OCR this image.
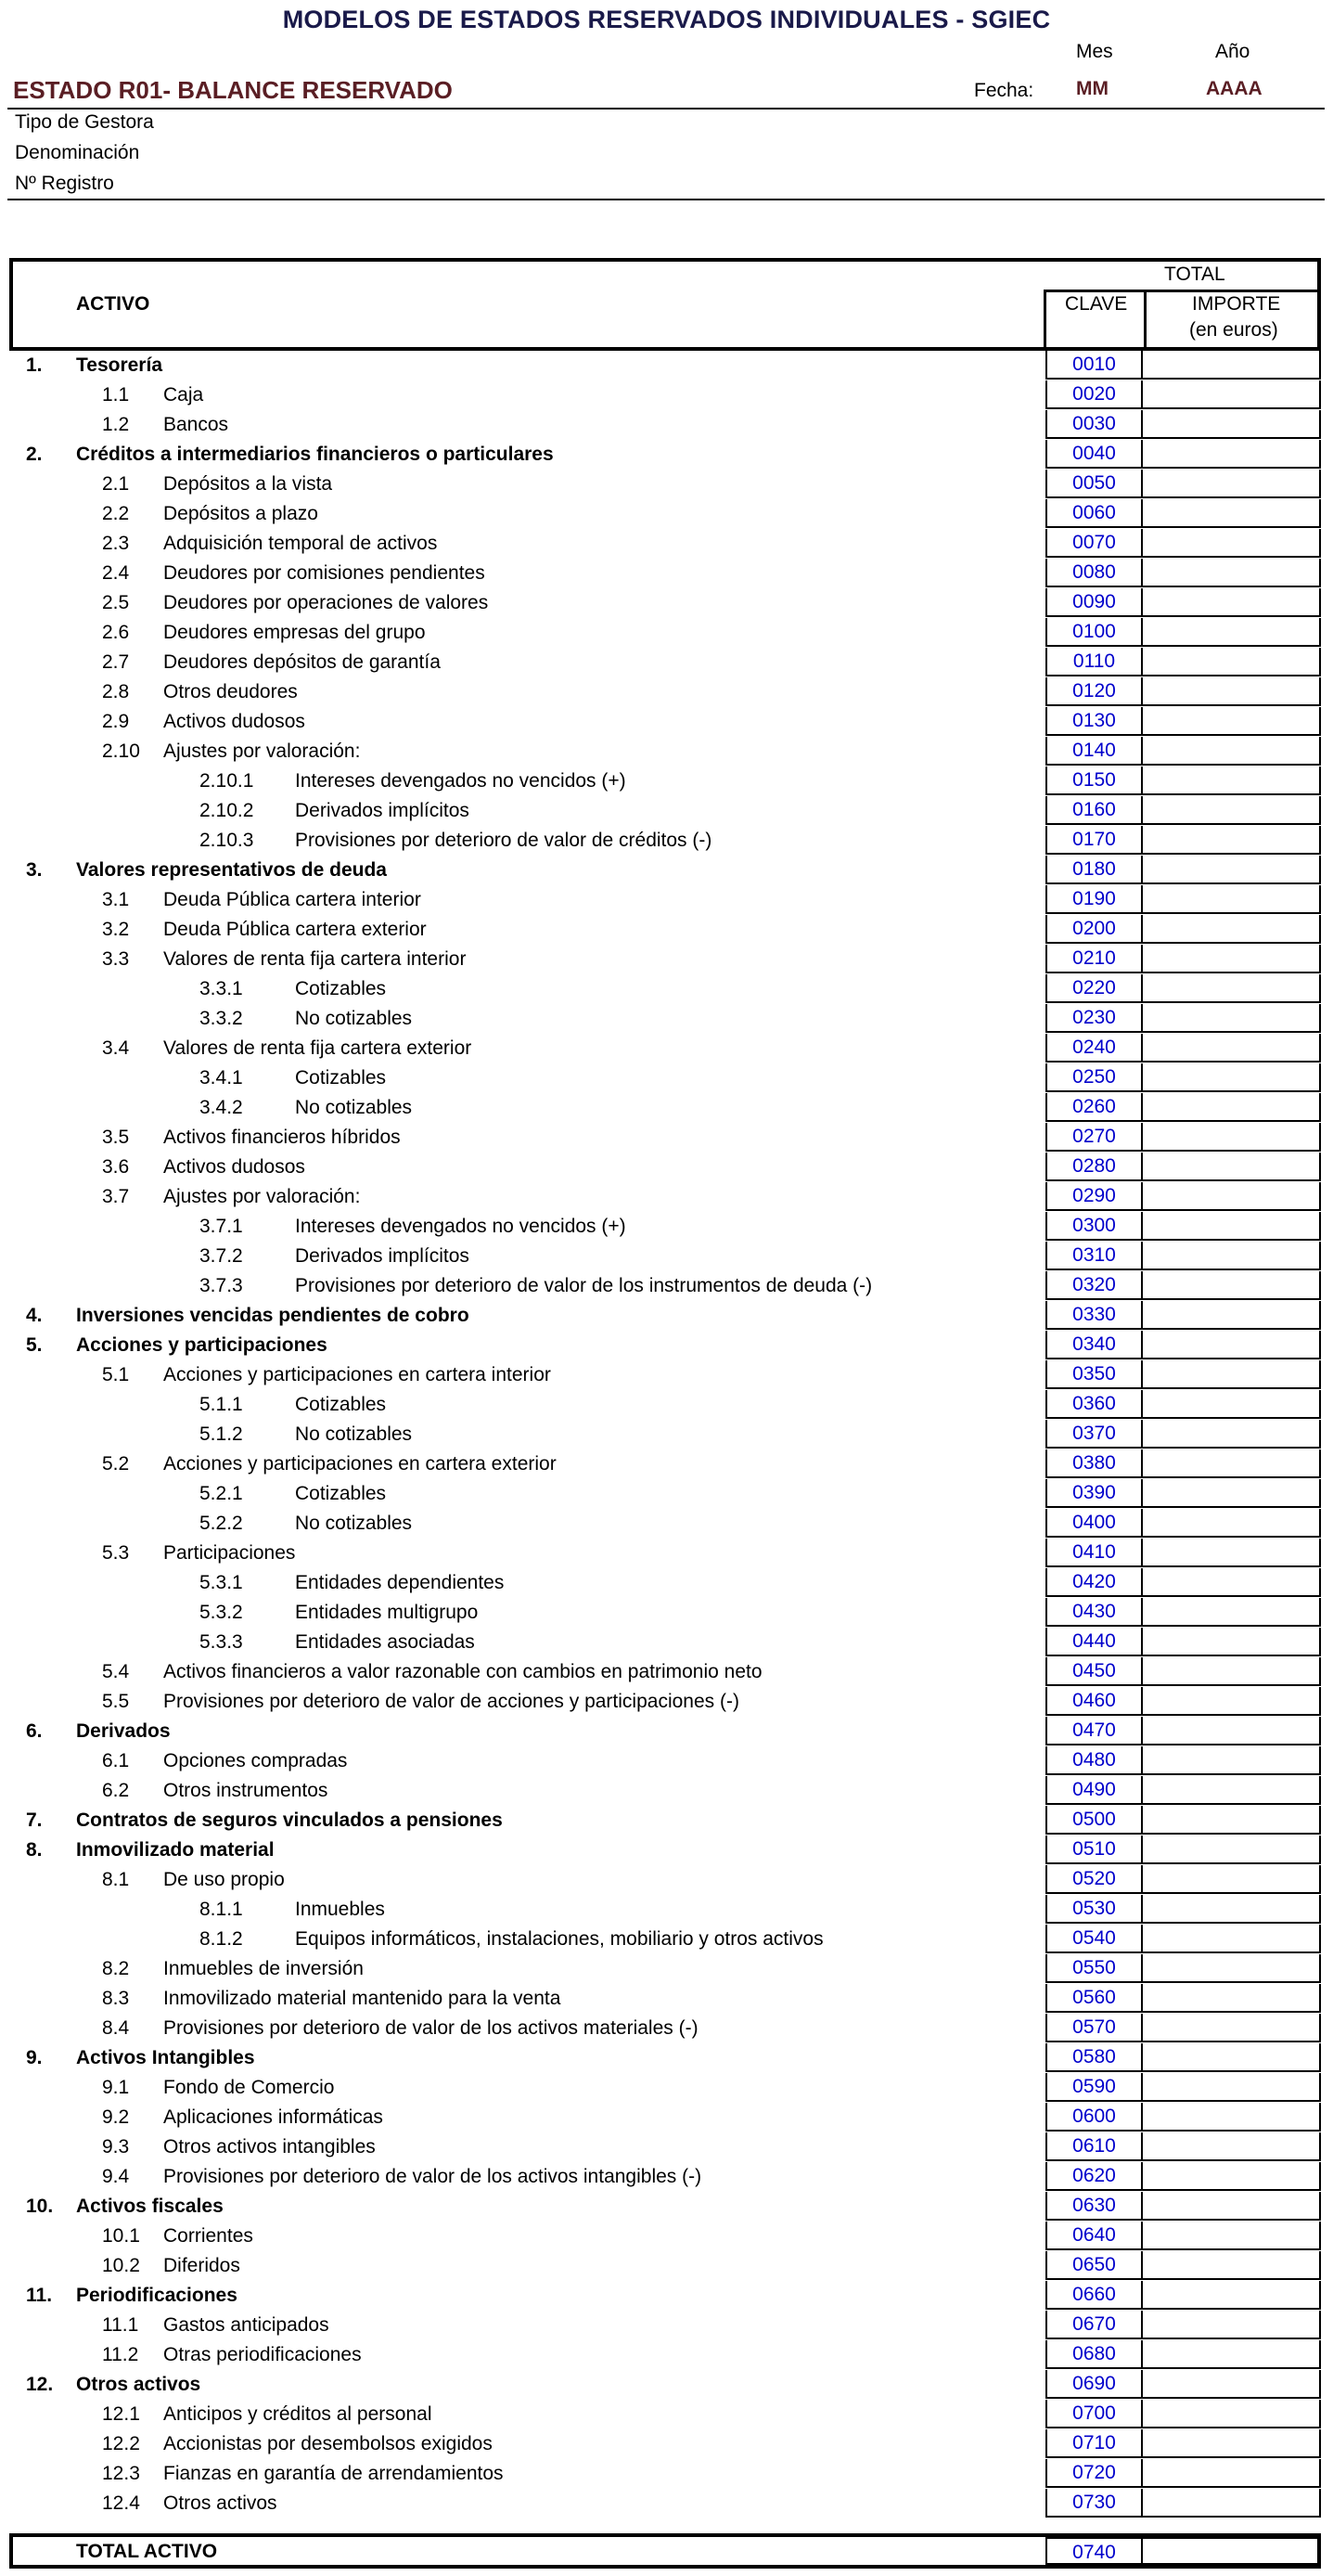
MODELOS DE ESTADOS RESERVADOS INDIVIDUALES - SGIEC
Mes	Año
ESTADO R01- BALANCE RESERVADO	Fecha: MM	AAAA
Tipo de Gestora
Denominación
Nº Registro
TOTAL
ACTIVO	CLAVE	IMPORTE
(en euros)
1. Tesorería	0010
1.1 Caja	0020
1.2 Bancos	0030
2. Créditos a intermediarios financieros o particulares	0040
2.1 Depósitos a la vista	0050
2.2 Depósitos a plazo	0060
2.3 Adquisición temporal de activos	0070
2.4 Deudores por comisiones pendientes	0080
2.5 Deudores por operaciones de valores	0090
2.6 Deudores empresas del grupo	0100
2.7 Deudores depósitos de garantía	0110
2.8 Otros deudores	0120
2.9 Activos dudosos	0130
2.10 Ajustes por valoración:	0140
2.10.1 Intereses devengados no vencidos (+)	0150
2.10.2 Derivados implícitos	0160
2.10.3 Provisiones por deterioro de valor de créditos (-)	0170
3. Valores representativos de deuda	0180
3.1 Deuda Pública cartera interior	0190
3.2 Deuda Pública cartera exterior	0200
3.3 Valores de renta fija cartera interior	0210
3.3.1	Cotizables	0220
3.3.2	No cotizables	0230
3.4 Valores de renta fija cartera exterior	0240
3.4.1	Cotizables	0250
3.4.2	No cotizables	0260
3.5 Activos financieros híbridos	0270
3.6 Activos dudosos	0280
3.7 Ajustes por valoración:	0290
3.7.1	Intereses devengados no vencidos (+)	0300
3.7.2	Derivados implícitos	0310
3.7.3	Provisiones por deterioro de valor de los instrumentos de deuda (-)	0320
4. Inversiones vencidas pendientes de cobro	0330
5. Acciones y participaciones	0340
5.1 Acciones y participaciones en cartera interior	0350
5.1.1	Cotizables	0360
5.1.2	No cotizables	0370
5.2 Acciones y participaciones en cartera exterior	0380
5.2.1	Cotizables	0390
5.2.2	No cotizables	0400
5.3 Participaciones	0410
5.3.1	Entidades dependientes	0420
5.3.2	Entidades multigrupo	0430
5.3.3	Entidades asociadas	0440
5.4 Activos financieros a valor razonable con cambios en patrimonio neto	0450
5.5 Provisiones por deterioro de valor de acciones y participaciones (-)	0460
6. Derivados	0470
6.1 Opciones compradas	0480
6.2 Otros instrumentos	0490
7. Contratos de seguros vinculados a pensiones	0500
8. Inmovilizado material	0510
8.1 De uso propio	0520
8.1.1	Inmuebles	0530
8.1.2	Equipos informáticos, instalaciones, mobiliario y otros activos	0540
8.2 Inmuebles de inversión	0550
8.3 Inmovilizado material mantenido para la venta	0560
8.4 Provisiones por deterioro de valor de los activos materiales (-)	0570
9. Activos Intangibles	0580
9.1 Fondo de Comercio	0590
9.2 Aplicaciones informáticas	0600
9.3 Otros activos intangibles	0610
9.4 Provisiones por deterioro de valor de los activos intangibles (-)	0620
10. Activos fiscales	0630
10.1 Corrientes	0640
10.2 Diferidos	0650
11. Periodificaciones	0660
11.1 Gastos anticipados	0670
11.2 Otras periodificaciones	0680
12. Otros activos	0690
12.1 Anticipos y créditos al personal	0700
12.2 Accionistas por desembolsos exigidos	0710
12.3 Fianzas en garantía de arrendamientos	0720
12.4 Otros activos	0730
TOTAL ACTIVO	0740
